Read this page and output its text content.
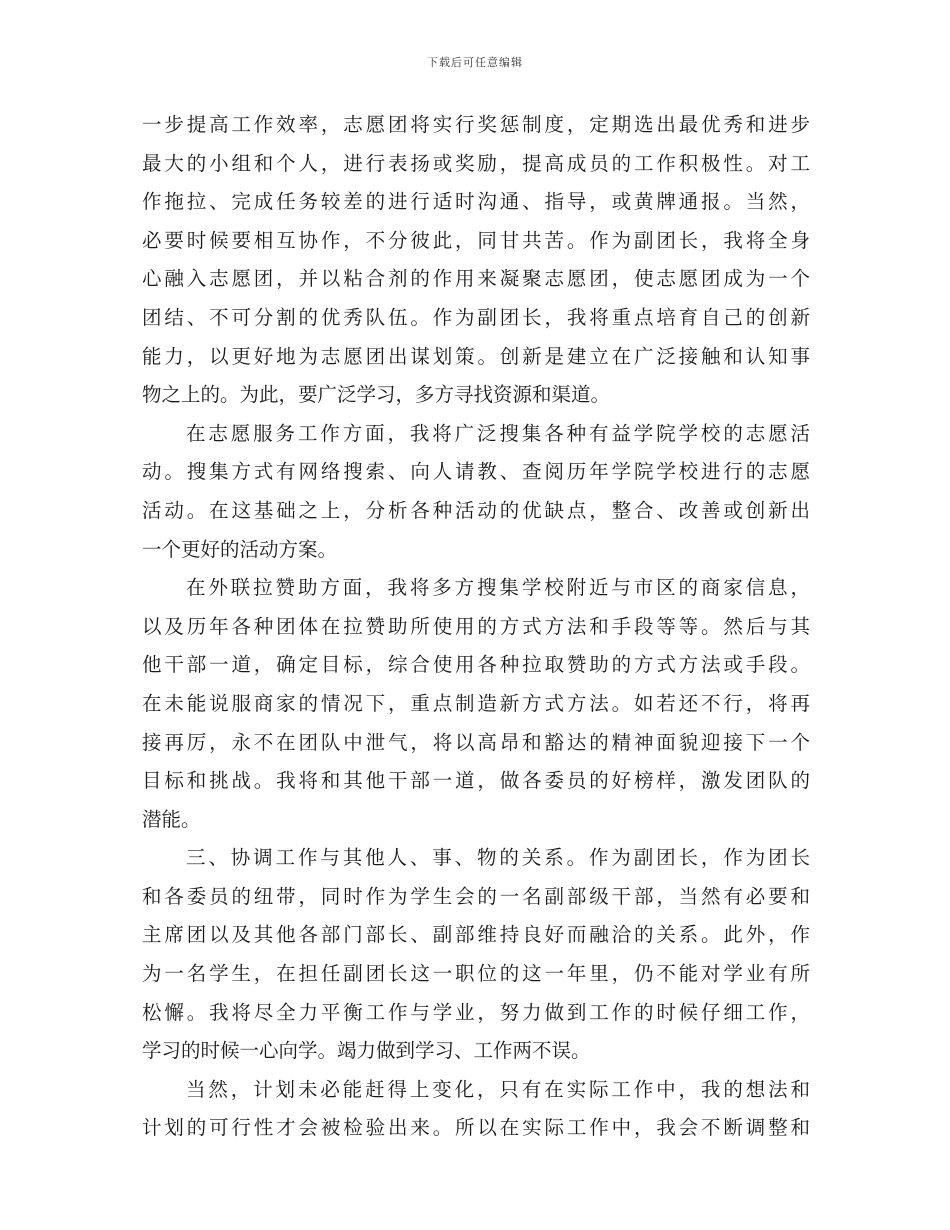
下载后可任意编辑
一步提高工作效率，志愿团将实行奖惩制度，定期选出最优秀和进步
最大的小组和个人，进行表扬或奖励，提高成员的工作积极性。对工
作拖拉、完成任务较差的进行适时沟通、指导，或黄牌通报。当然，
必要时候要相互协作，不分彼此，同甘共苦。作为副团长，我将全身
心融入志愿团，并以粘合剂的作用来凝聚志愿团，使志愿团成为一个
团结、不可分割的优秀队伍。作为副团长，我将重点培育自己的创新
能力，以更好地为志愿团出谋划策。创新是建立在广泛接触和认知事
物之上的。为此，要广泛学习，多方寻找资源和渠道。
在志愿服务工作方面，我将广泛搜集各种有益学院学校的志愿活
动。搜集方式有网络搜索、向人请教、查阅历年学院学校进行的志愿
活动。在这基础之上，分析各种活动的优缺点，整合、改善或创新出
一个更好的活动方案。
在外联拉赞助方面，我将多方搜集学校附近与市区的商家信息，
以及历年各种团体在拉赞助所使用的方式方法和手段等等。然后与其
他干部一道，确定目标，综合使用各种拉取赞助的方式方法或手段。
在未能说服商家的情况下，重点制造新方式方法。如若还不行，将再
接再厉，永不在团队中泄气，将以高昂和豁达的精神面貌迎接下一个
目标和挑战。我将和其他干部一道，做各委员的好榜样，激发团队的
潜能。
三、协调工作与其他人、事、物的关系。作为副团长，作为团长
和各委员的纽带，同时作为学生会的一名副部级干部，当然有必要和
主席团以及其他各部门部长、副部维持良好而融洽的关系。此外，作
为一名学生，在担任副团长这一职位的这一年里，仍不能对学业有所
松懈。我将尽全力平衡工作与学业，努力做到工作的时候仔细工作，
学习的时候一心向学。竭力做到学习、工作两不误。
当然，计划未必能赶得上变化，只有在实际工作中，我的想法和
计划的可行性才会被检验出来。所以在实际工作中，我会不断调整和
